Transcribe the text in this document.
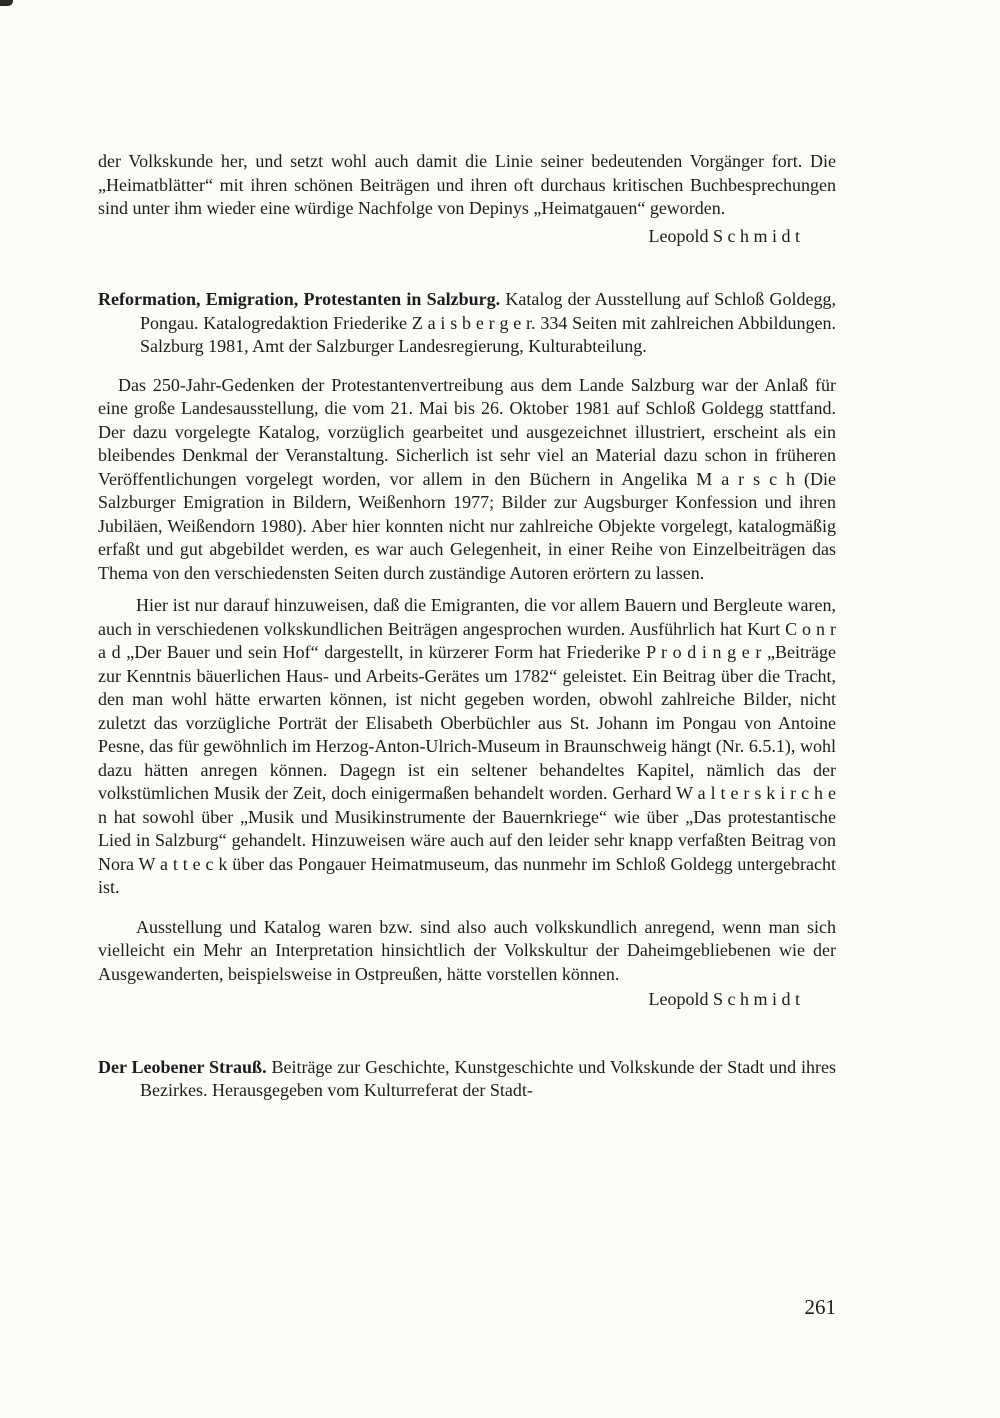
der Volkskunde her, und setzt wohl auch damit die Linie seiner bedeutenden Vorgänger fort. Die „Heimatblätter“ mit ihren schönen Beiträgen und ihren oft durchaus kritischen Buchbesprechungen sind unter ihm wieder eine würdige Nachfolge von Depinys „Heimatgauen“ geworden.

Leopold S c h m i d t

Reformation, Emigration, Protestanten in Salzburg. Katalog der Ausstellung auf Schloß Goldegg, Pongau. Katalogredaktion Friederike Z a i s b e r g e r. 334 Seiten mit zahlreichen Abbildungen. Salzburg 1981, Amt der Salzburger Landesregierung, Kulturabteilung.

Das 250-Jahr-Gedenken der Protestantenvertreibung aus dem Lande Salzburg war der Anlaß für eine große Landesausstellung, die vom 21. Mai bis 26. Oktober 1981 auf Schloß Goldegg stattfand. Der dazu vorgelegte Katalog, vorzüglich gearbeitet und ausgezeichnet illustriert, erscheint als ein bleibendes Denkmal der Veranstaltung. Sicherlich ist sehr viel an Material dazu schon in früheren Veröffentlichungen vorgelegt worden, vor allem in den Büchern in Angelika M a r s c h (Die Salzburger Emigration in Bildern, Weißenhorn 1977; Bilder zur Augsburger Konfession und ihren Jubiläen, Weißendorn 1980). Aber hier konnten nicht nur zahlreiche Objekte vorgelegt, katalogmäßig erfaßt und gut abgebildet werden, es war auch Gelegenheit, in einer Reihe von Einzelbeiträgen das Thema von den verschiedensten Seiten durch zuständige Autoren erörtern zu lassen.

Hier ist nur darauf hinzuweisen, daß die Emigranten, die vor allem Bauern und Bergleute waren, auch in verschiedenen volkskundlichen Beiträgen angesprochen wurden. Ausführlich hat Kurt C o n r a d „Der Bauer und sein Hof“ dargestellt, in kürzerer Form hat Friederike P r o d i n g e r „Beiträge zur Kenntnis bäuerlichen Haus- und Arbeits-Gerätes um 1782“ geleistet. Ein Beitrag über die Tracht, den man wohl hätte erwarten können, ist nicht gegeben worden, obwohl zahlreiche Bilder, nicht zuletzt das vorzügliche Porträt der Elisabeth Oberbüchler aus St. Johann im Pongau von Antoine Pesne, das für gewöhnlich im Herzog-Anton-Ulrich-Museum in Braunschweig hängt (Nr. 6.5.1), wohl dazu hätten anregen können. Dagegn ist ein seltener behandeltes Kapitel, nämlich das der volkstümlichen Musik der Zeit, doch einigermaßen behandelt worden. Gerhard W a l t e r s k i r c h e n hat sowohl über „Musik und Musikinstrumente der Bauernkriege“ wie über „Das protestantische Lied in Salzburg“ gehandelt. Hinzuweisen wäre auch auf den leider sehr knapp verfaßten Beitrag von Nora W a t t e c k über das Pongauer Heimatmuseum, das nunmehr im Schloß Goldegg untergebracht ist.

Ausstellung und Katalog waren bzw. sind also auch volkskundlich anregend, wenn man sich vielleicht ein Mehr an Interpretation hinsichtlich der Volkskultur der Daheimgebliebenen wie der Ausgewanderten, beispielsweise in Ostpreußen, hätte vorstellen können.

Leopold S c h m i d t

Der Leobener Strauß. Beiträge zur Geschichte, Kunstgeschichte und Volkskunde der Stadt und ihres Bezirkes. Herausgegeben vom Kulturreferat der Stadt-

261
